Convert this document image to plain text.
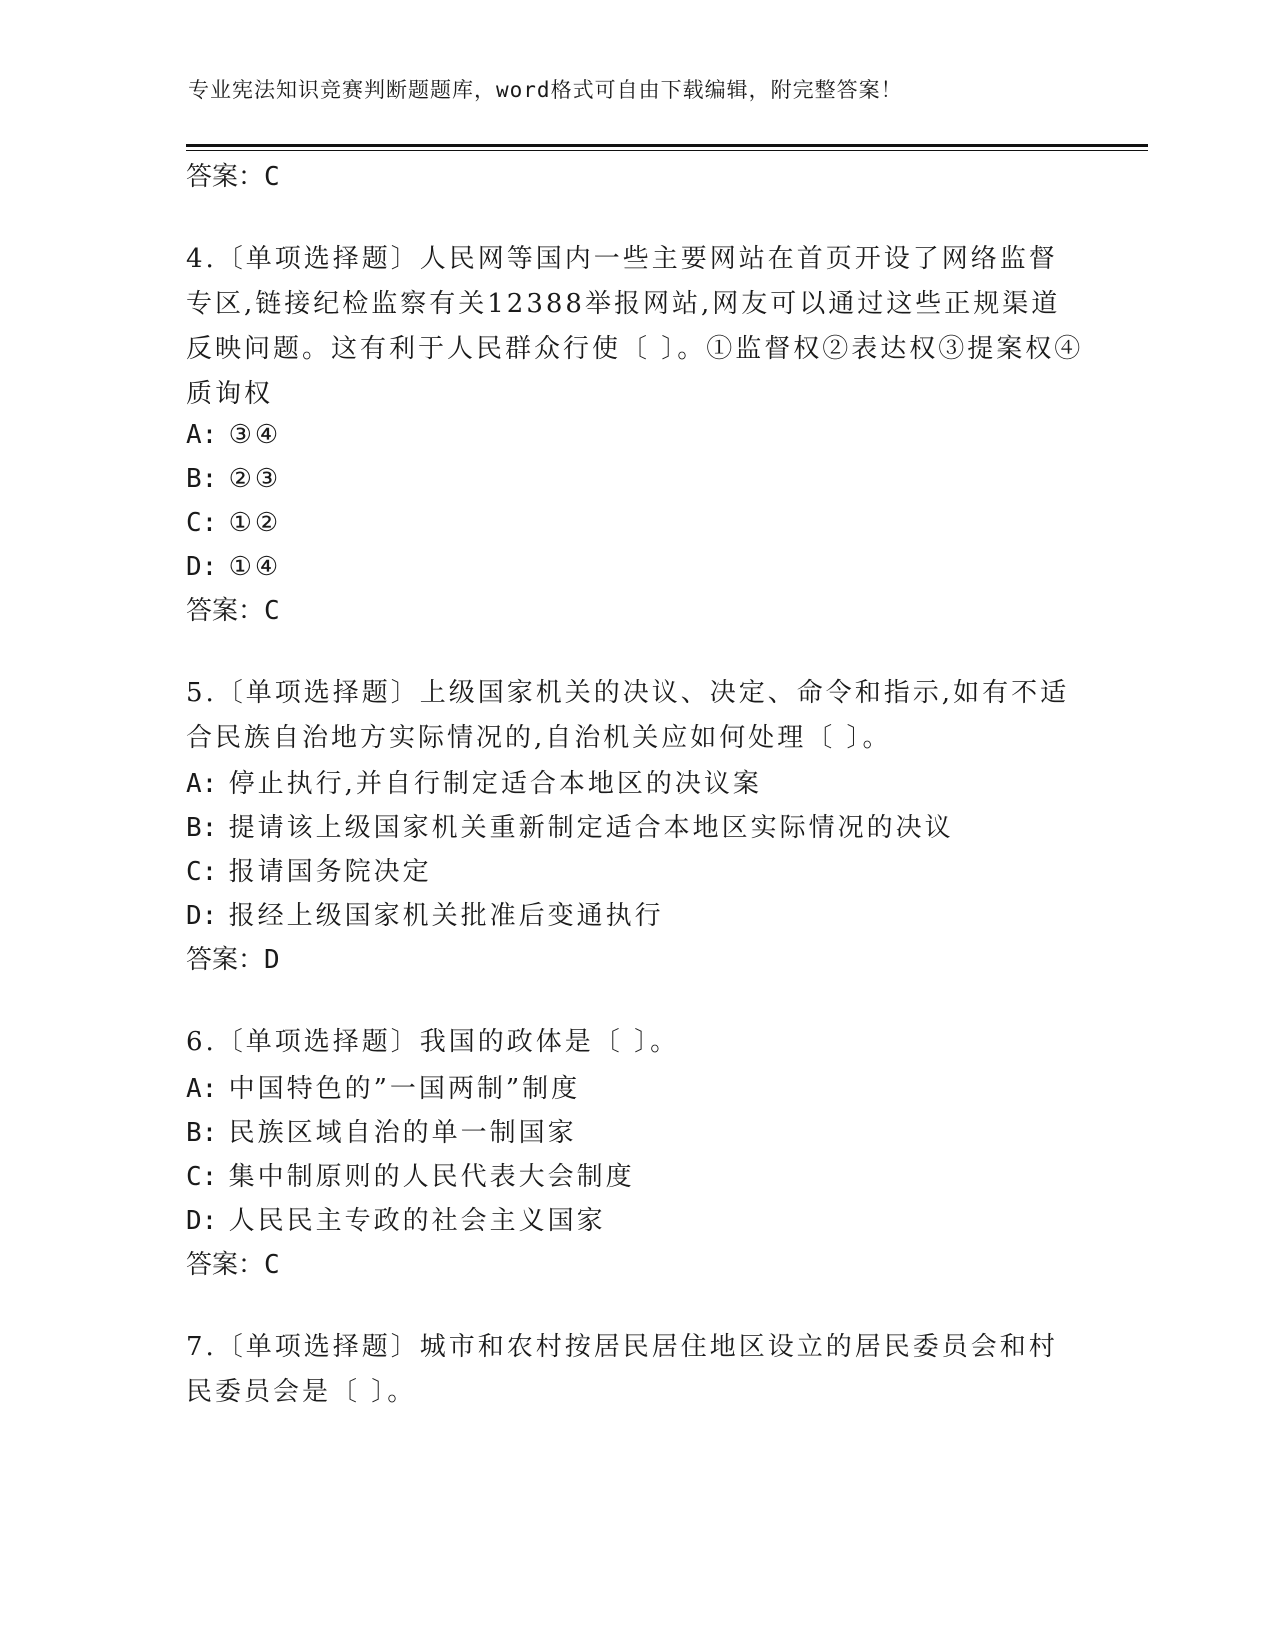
专业宪法知识竞赛判断题题库，word格式可自由下载编辑，附完整答案！
答案：C
4.〔单项选择题〕人民网等国内一些主要网站在首页开设了网络监督专区,链接纪检监察有关12388举报网站,网友可以通过这些正规渠道反映问题。这有利于人民群众行使〔 〕。①监督权②表达权③提案权④质询权
A: ③④
B: ②③
C: ①②
D: ①④
答案：C
5.〔单项选择题〕上级国家机关的决议、决定、命令和指示,如有不适合民族自治地方实际情况的,自治机关应如何处理〔 〕。
A: 停止执行,并自行制定适合本地区的决议案
B: 提请该上级国家机关重新制定适合本地区实际情况的决议
C: 报请国务院决定
D: 报经上级国家机关批准后变通执行
答案：D
6.〔单项选择题〕我国的政体是〔 〕。
A: 中国特色的”一国两制”制度
B: 民族区域自治的单一制国家
C: 集中制原则的人民代表大会制度
D: 人民民主专政的社会主义国家
答案：C
7.〔单项选择题〕城市和农村按居民居住地区设立的居民委员会和村民委员会是〔 〕。
